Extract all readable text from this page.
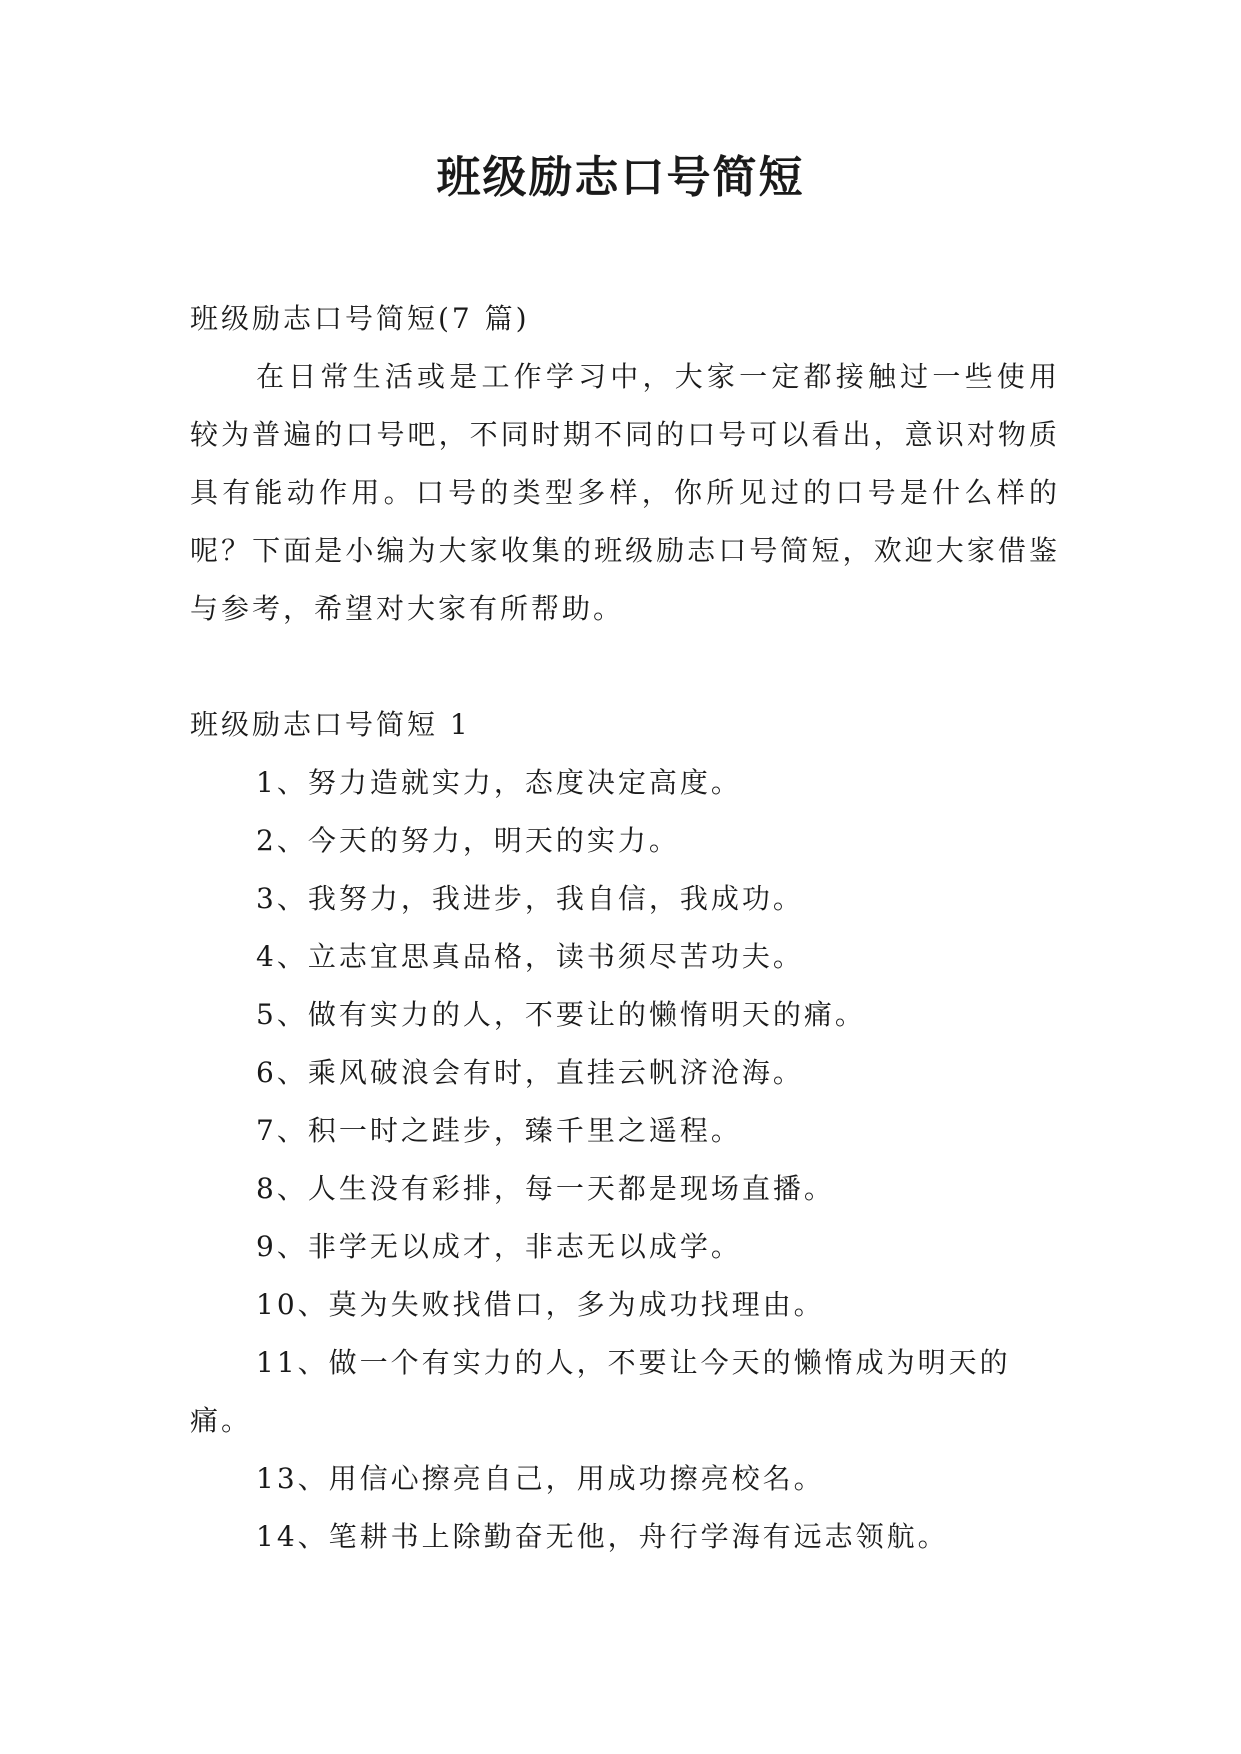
班级励志口号简短

班级励志口号简短(7 篇)

在日常生活或是工作学习中，大家一定都接触过一些使用较为普遍的口号吧，不同时期不同的口号可以看出，意识对物质具有能动作用。口号的类型多样，你所见过的口号是什么样的呢？下面是小编为大家收集的班级励志口号简短，欢迎大家借鉴与参考，希望对大家有所帮助。

班级励志口号简短 1

1、努力造就实力，态度决定高度。

2、今天的努力，明天的实力。

3、我努力，我进步，我自信，我成功。

4、立志宜思真品格，读书须尽苦功夫。

5、做有实力的人，不要让的懒惰明天的痛。

6、乘风破浪会有时，直挂云帆济沧海。

7、积一时之跬步，臻千里之遥程。

8、人生没有彩排，每一天都是现场直播。

9、非学无以成才，非志无以成学。

10、莫为失败找借口，多为成功找理由。

11、做一个有实力的人，不要让今天的懒惰成为明天的痛。

13、用信心擦亮自己，用成功擦亮校名。

14、笔耕书上除勤奋无他，舟行学海有远志领航。
